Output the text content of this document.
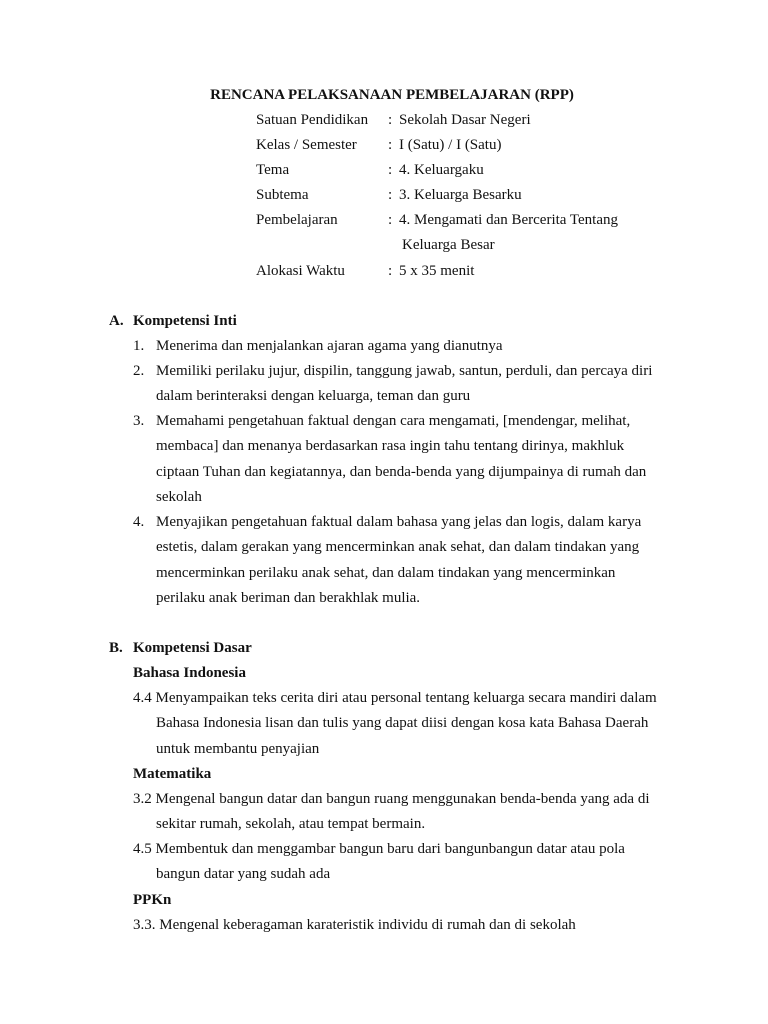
RENCANA PELAKSANAAN PEMBELAJARAN (RPP)
Satuan Pendidikan : Sekolah Dasar Negeri
Kelas / Semester : I (Satu) / I (Satu)
Tema	: 4. Keluargaku
Subtema	: 3. Keluarga Besarku
Pembelajaran	: 4. Mengamati dan Bercerita Tentang
Keluarga Besar
Alokasi Waktu	: 5 x 35 menit
A. Kompetensi Inti
1. Menerima dan menjalankan ajaran agama yang dianutnya
2. Memiliki perilaku jujur, dispilin, tanggung jawab, santun, perduli, dan percaya diri
dalam berinteraksi dengan keluarga, teman dan guru
3. Memahami pengetahuan faktual dengan cara mengamati, [mendengar, melihat,
membaca] dan menanya berdasarkan rasa ingin tahu tentang dirinya, makhluk
ciptaan Tuhan dan kegiatannya, dan benda-benda yang dijumpainya di rumah dan
sekolah
4. Menyajikan pengetahuan faktual dalam bahasa yang jelas dan logis, dalam karya
estetis, dalam gerakan yang mencerminkan anak sehat, dan dalam tindakan yang
mencerminkan perilaku anak sehat, dan dalam tindakan yang mencerminkan
perilaku anak beriman dan berakhlak mulia.
B. Kompetensi Dasar
Bahasa Indonesia
4.4 Menyampaikan teks cerita diri atau personal tentang keluarga secara mandiri dalam
Bahasa Indonesia lisan dan tulis yang dapat diisi dengan kosa kata Bahasa Daerah
untuk membantu penyajian
Matematika
3.2 Mengenal bangun datar dan bangun ruang menggunakan benda-benda yang ada di
sekitar rumah, sekolah, atau tempat bermain.
4.5 Membentuk dan menggambar bangun baru dari bangunbangun datar atau pola
bangun datar yang sudah ada
PPKn
3.3. Mengenal keberagaman karateristik individu di rumah dan di sekolah
